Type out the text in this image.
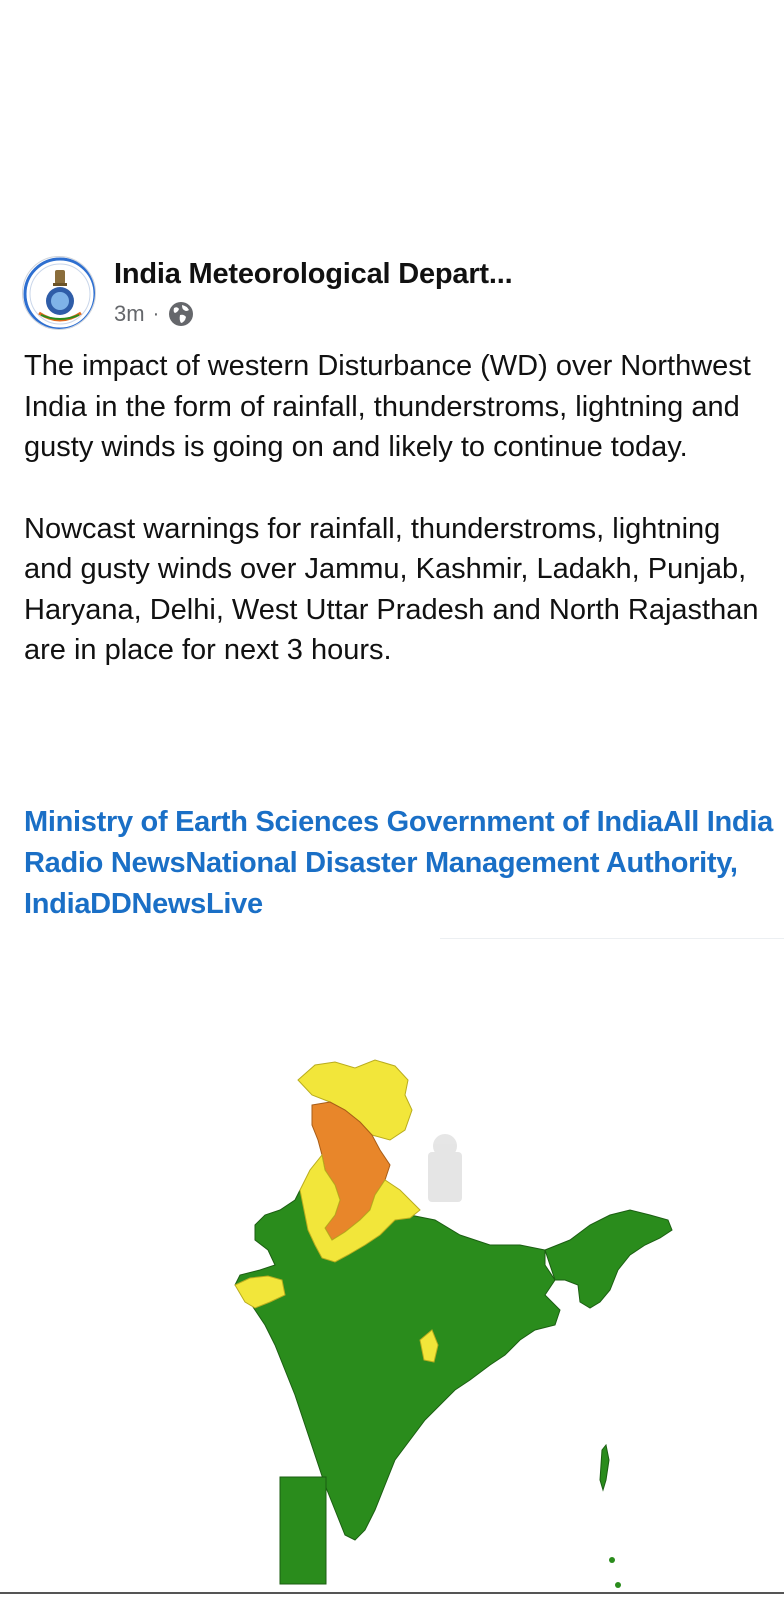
India Meteorological Depart...
3m ·

The impact of western Disturbance (WD) over Northwest India in the form of rainfall, thunderstroms, lightning and gusty winds is going on and likely to continue today.

Nowcast warnings for rainfall, thunderstroms, lightning and gusty winds over Jammu, Kashmir, Ladakh, Punjab, Haryana, Delhi, West Uttar Pradesh and North Rajasthan are in place for next 3 hours.

Ministry of Earth Sciences Government of IndiaAll India Radio NewsNational Disaster Management Authority, IndiaDDNewsLive
